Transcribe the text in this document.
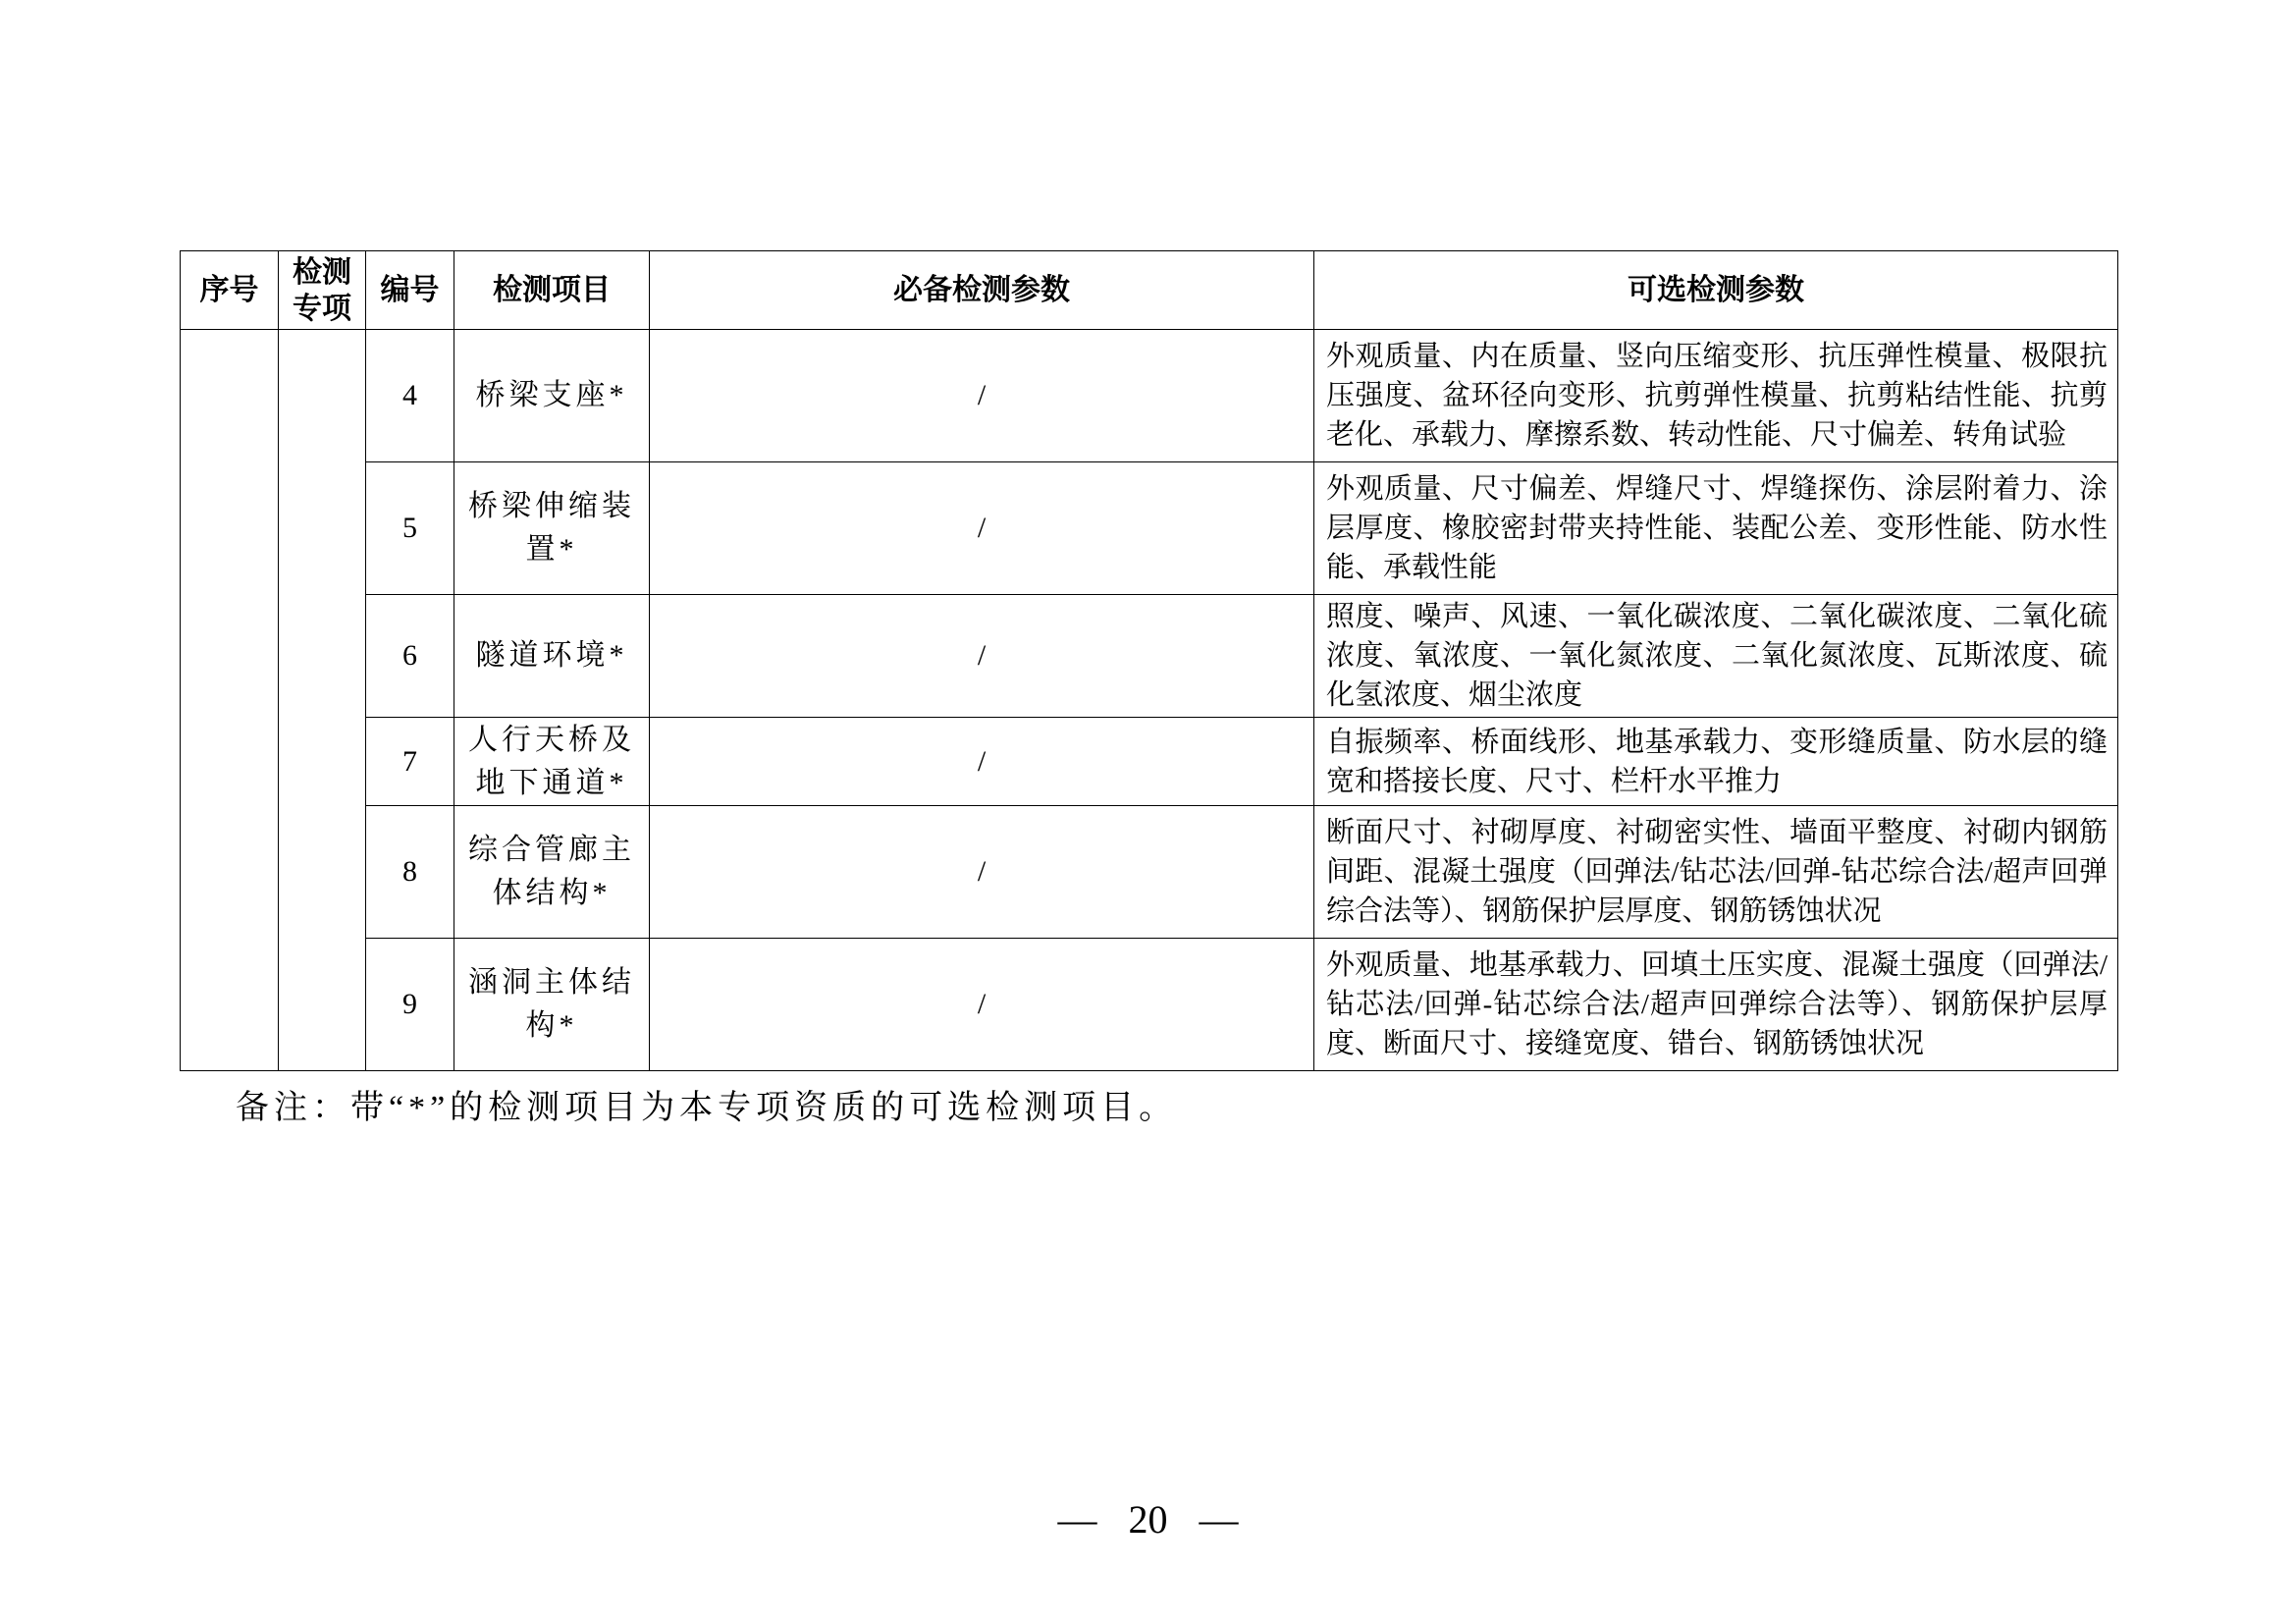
序号	检测专项	编号	检测项目	必备检测参数	可选检测参数
		4	桥梁支座*	/	外观质量、内在质量、竖向压缩变形、抗压弹性模量、极限抗压强度、盆环径向变形、抗剪弹性模量、抗剪粘结性能、抗剪老化、承载力、摩擦系数、转动性能、尺寸偏差、转角试验
		5	桥梁伸缩装置*	/	外观质量、尺寸偏差、焊缝尺寸、焊缝探伤、涂层附着力、涂层厚度、橡胶密封带夹持性能、装配公差、变形性能、防水性能、承载性能
		6	隧道环境*	/	照度、噪声、风速、一氧化碳浓度、二氧化碳浓度、二氧化硫浓度、氧浓度、一氧化氮浓度、二氧化氮浓度、瓦斯浓度、硫化氢浓度、烟尘浓度
		7	人行天桥及地下通道*	/	自振频率、桥面线形、地基承载力、变形缝质量、防水层的缝宽和搭接长度、尺寸、栏杆水平推力
		8	综合管廊主体结构*	/	断面尺寸、衬砌厚度、衬砌密实性、墙面平整度、衬砌内钢筋间距、混凝土强度（回弹法/钻芯法/回弹-钻芯综合法/超声回弹综合法等）、钢筋保护层厚度、钢筋锈蚀状况
		9	涵洞主体结构*	/	外观质量、地基承载力、回填土压实度、混凝土强度（回弹法/钻芯法/回弹-钻芯综合法/超声回弹综合法等）、钢筋保护层厚度、断面尺寸、接缝宽度、错台、钢筋锈蚀状况
备注：带“*”的检测项目为本专项资质的可选检测项目。
— 20 —
